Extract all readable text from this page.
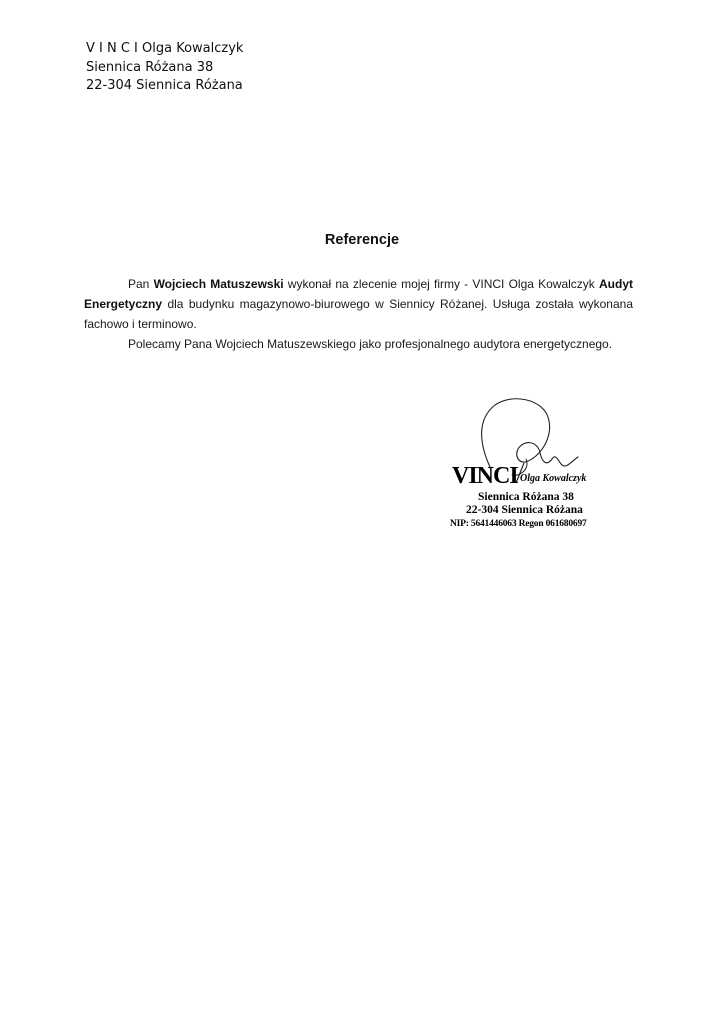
V I N C I Olga Kowalczyk
Siennica Różana 38
22-304 Siennica Różana
Referencje

Pan Wojciech Matuszewski wykonał na zlecenie mojej firmy - VINCI Olga Kowalczyk Audyt Energetyczny dla budynku magazynowo-biurowego w Siennicy Różanej. Usługa została wykonana fachowo i terminowo.

Polecamy Pana Wojciech Matuszewskiego jako profesjonalnego audytora energetycznego.

VINCI Olga Kowalczyk
Siennica Różana 38
22-304 Siennica Różana
NIP: 5641446063 Regon 061680697
